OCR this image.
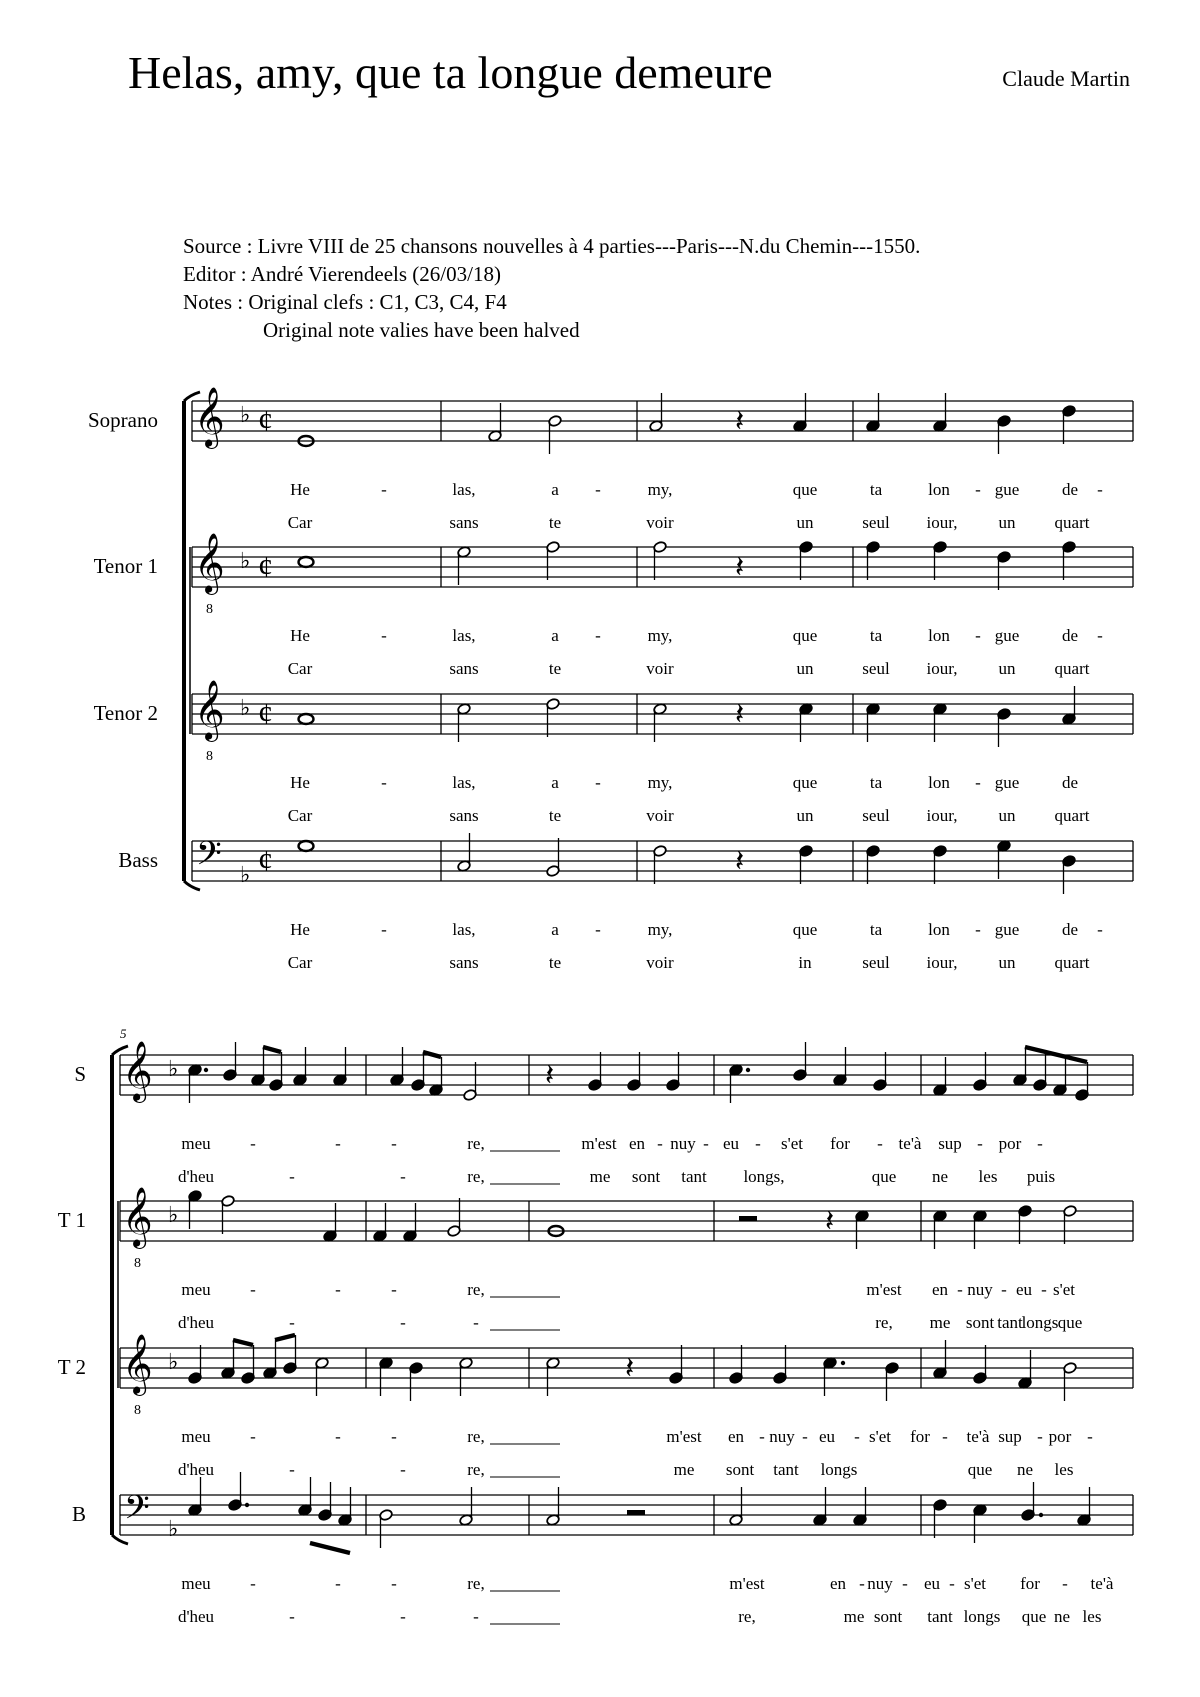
Helas, amy, que ta longue demeure	Claude Martin
Source : Livre VIII de 25 chansons nouvelles à 4 parties---Paris---N.du Chemin---1550.
Editor : André Vierendeels (26/03/18)
Notes : Original clefs : C1, C3, C4, F4
Original note valies have been halved
Soprano 𝄞 ♭ ¢
Tenor 1 𝄞
8
♭ ¢
Tenor 2 𝄞
8
♭ ¢
Bass 𝄢 ♭ ¢
𝄽
𝄽
𝄽
𝄽
He	-	las,	a -	my,	que	ta	lon - gue	de -
Car	sans	te	voir	un	seul iour, un quart
He	-	las,	a -	my,	que	ta	lon - gue	de -
Car	sans	te	voir	un	seul iour, un quart
He	-	las,	a -	my,	que	ta	lon - gue	de
Car	sans	te	voir	un	seul iour, un quart
He	-	las,	a -	my,	que	ta	lon - gue	de -
Car	sans	te	voir	in	seul iour, un quart
5
S 𝄞 ♭
T 1 𝄞
8
♭
T 2 𝄞
8
♭
B 𝄢 ♭
𝄽
𝄽
𝄽
meu -	-	-	re,	m'est en - nuy - eu - s'et for - te'à sup - por -
d'heu	-	-	re,	me sont tant longs,	que ne les puis
meu -	-	-	re,	m'est en - nuy - eu - s'et
d'heu	-	-	-	re, me sont tant
longs que
meu -	-	-	re,	m'est en - nuy - eu - s'et for - te'à sup - por -
d'heu	-	-	re,	me sont tant longs	que ne les
meu -	-	-	re,	m'est	en - nuy - eu - s'et for - te'à
d'heu	-	-	-	re,	me sont tant longs que ne les
